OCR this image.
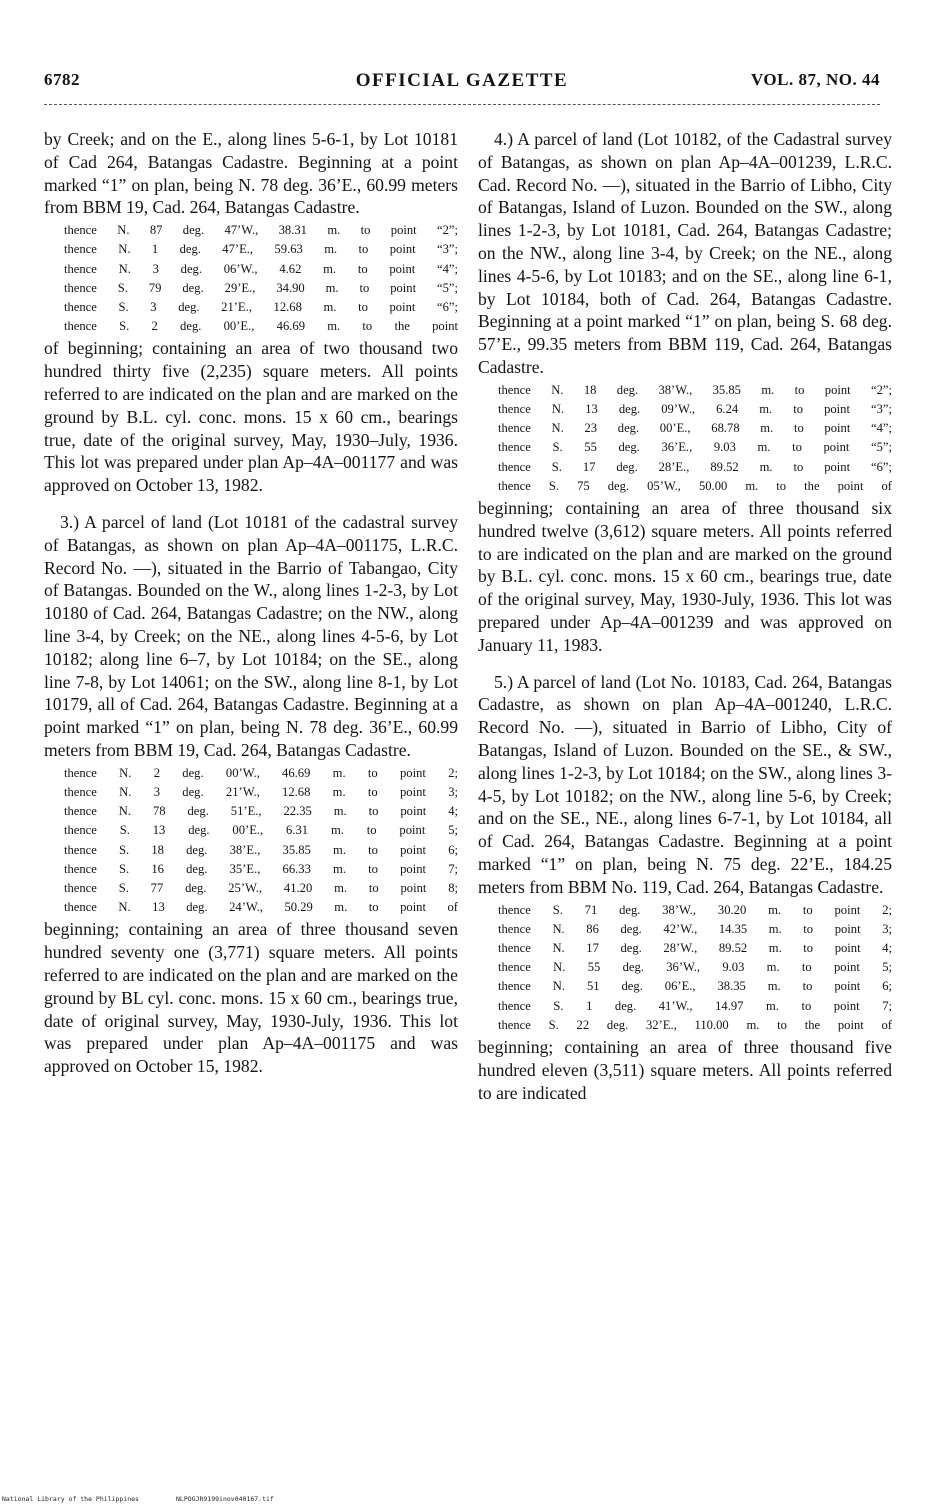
6782	OFFICIAL GAZETTE	VOL. 87, NO. 44

by Creek; and on the E., along lines 5-6-1, by Lot 10181 of Cad 264, Batangas Cadastre. Beginning at a point marked “1” on plan, being N. 78 deg. 36’E., 60.99 meters from BBM 19, Cad. 264, Batangas Cadastre.

thence N. 87 deg. 47’W., 38.31 m. to point “2”;
thence N. 1 deg. 47’E., 59.63 m. to point “3”;
thence N. 3 deg. 06’W., 4.62 m. to point “4”;
thence S. 79 deg. 29’E., 34.90 m. to point “5”;
thence S. 3 deg. 21’E., 12.68 m. to point “6”;
thence S. 2 deg. 00’E., 46.69 m. to the point

of beginning; containing an area of two thousand two hundred thirty five (2,235) square meters. All points referred to are indicated on the plan and are marked on the ground by B.L. cyl. conc. mons. 15 x 60 cm., bearings true, date of the original survey, May, 1930–July, 1936. This lot was prepared under plan Ap–4A–001177 and was approved on October 13, 1982.

3.) A parcel of land (Lot 10181 of the cadastral survey of Batangas, as shown on plan Ap–4A–001175, L.R.C. Record No. —), situated in the Barrio of Tabangao, City of Batangas. Bounded on the W., along lines 1-2-3, by Lot 10180 of Cad. 264, Batangas Cadastre; on the NW., along line 3-4, by Creek; on the NE., along lines 4-5-6, by Lot 10182; along line 6–7, by Lot 10184; on the SE., along line 7-8, by Lot 14061; on the SW., along line 8-1, by Lot 10179, all of Cad. 264, Batangas Cadastre. Beginning at a point marked “1” on plan, being N. 78 deg. 36’E., 60.99 meters from BBM 19, Cad. 264, Batangas Cadastre.

thence N. 2 deg. 00’W., 46.69 m. to point 2;
thence N. 3 deg. 21’W., 12.68 m. to point 3;
thence N. 78 deg. 51’E., 22.35 m. to point 4;
thence S. 13 deg. 00’E., 6.31 m. to point 5;
thence S. 18 deg. 38’E., 35.85 m. to point 6;
thence S. 16 deg. 35’E., 66.33 m. to point 7;
thence S. 77 deg. 25’W., 41.20 m. to point 8;
thence N. 13 deg. 24’W., 50.29 m. to point of

beginning; containing an area of three thousand seven hundred seventy one (3,771) square meters. All points referred to are indicated on the plan and are marked on the ground by BL cyl. conc. mons. 15 x 60 cm., bearings true, date of original survey, May, 1930-July, 1936. This lot was prepared under plan Ap–4A–001175 and was approved on October 15, 1982.

4.) A parcel of land (Lot 10182, of the Cadastral survey of Batangas, as shown on plan Ap–4A–001239, L.R.C. Cad. Record No. —), situated in the Barrio of Libho, City of Batangas, Island of Luzon. Bounded on the SW., along lines 1-2-3, by Lot 10181, Cad. 264, Batangas Cadastre; on the NW., along line 3-4, by Creek; on the NE., along lines 4-5-6, by Lot 10183; and on the SE., along line 6-1, by Lot 10184, both of Cad. 264, Batangas Cadastre. Beginning at a point marked “1” on plan, being S. 68 deg. 57’E., 99.35 meters from BBM 119, Cad. 264, Batangas Cadastre.

thence N. 18 deg. 38’W., 35.85 m. to point “2”;
thence N. 13 deg. 09’W., 6.24 m. to point “3”;
thence N. 23 deg. 00’E., 68.78 m. to point “4”;
thence S. 55 deg. 36’E., 9.03 m. to point “5”;
thence S. 17 deg. 28’E., 89.52 m. to point “6”;
thence S. 75 deg. 05’W., 50.00 m. to the point of

beginning; containing an area of three thousand six hundred twelve (3,612) square meters. All points referred to are indicated on the plan and are marked on the ground by B.L. cyl. conc. mons. 15 x 60 cm., bearings true, date of the original survey, May, 1930-July, 1936. This lot was prepared under Ap–4A–001239 and was approved on January 11, 1983.

5.) A parcel of land (Lot No. 10183, Cad. 264, Batangas Cadastre, as shown on plan Ap–4A–001240, L.R.C. Record No. —), situated in Barrio of Libho, City of Batangas, Island of Luzon. Bounded on the SE., & SW., along lines 1-2-3, by Lot 10184; on the SW., along lines 3-4-5, by Lot 10182; on the NW., along line 5-6, by Creek; and on the SE., NE., along lines 6-7-1, by Lot 10184, all of Cad. 264, Batangas Cadastre. Beginning at a point marked “1” on plan, being N. 75 deg. 22’E., 184.25 meters from BBM No. 119, Cad. 264, Batangas Cadastre.

thence S. 71 deg. 38’W., 30.20 m. to point 2;
thence N. 86 deg. 42’W., 14.35 m. to point 3;
thence N. 17 deg. 28’W., 89.52 m. to point 4;
thence N. 55 deg. 36’W., 9.03 m. to point 5;
thence N. 51 deg. 06’E., 38.35 m. to point 6;
thence S. 1 deg. 41’W., 14.97 m. to point 7;
thence S. 22 deg. 32’E., 110.00 m. to the point of

beginning; containing an area of three thousand five hundred eleven (3,511) square meters. All points referred to are indicated

National Library of the Philippines	NLPOGJR9199inov040167.tif
